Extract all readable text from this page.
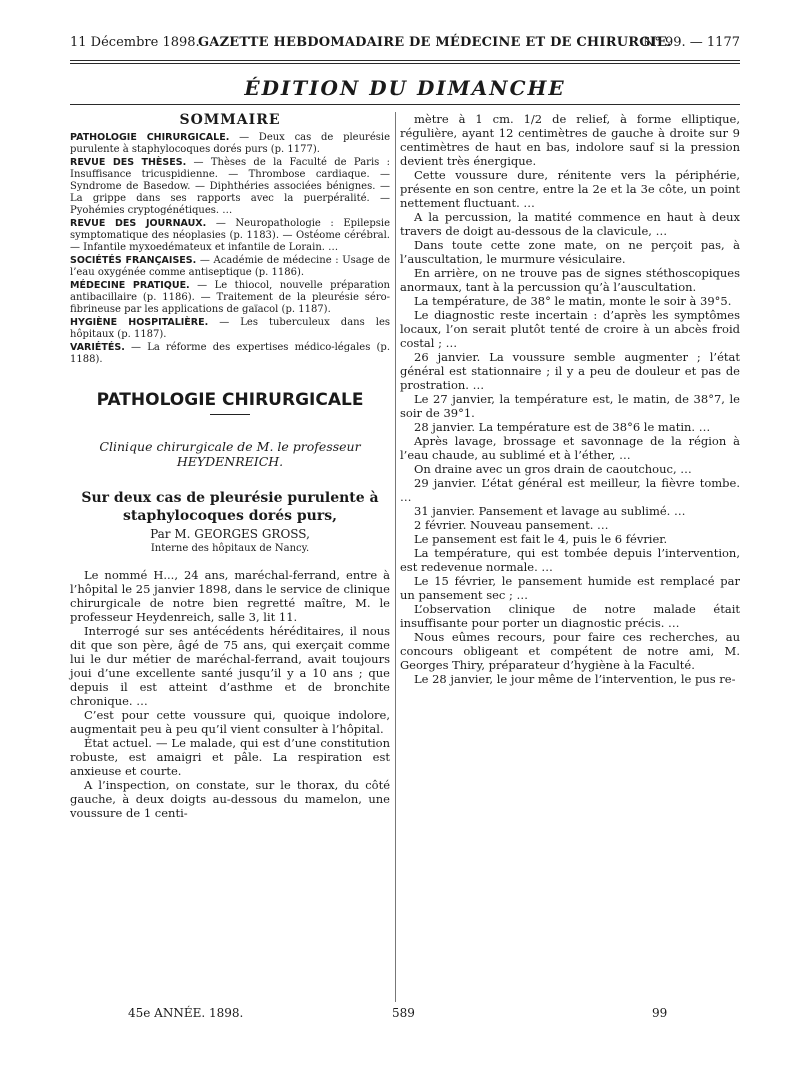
11 Décembre 1898.
GAZETTE HEBDOMADAIRE DE MÉDECINE ET DE CHIRURGIE.
N° 99. — 1177
ÉDITION DU DIMANCHE
SOMMAIRE

PATHOLOGIE CHIRURGICALE. — Deux cas de pleurésie purulente à staphylocoques dorés purs (p. 1177).

REVUE DES THÈSES. — Thèses de la Faculté de Paris : Insuffisance tricuspidienne. — Thrombose cardiaque. — Syndrome de Basedow. — Diphthéries associées bénignes. — La grippe dans ses rapports avec la puerpéralité. — Pyohémies cryptogénétiques. …

REVUE DES JOURNAUX. — Neuropathologie : Epilepsie symptomatique des néoplasies (p. 1183). — Ostéome cérébral. — Infantile myxoedémateux et infantile de Lorain. …

SOCIÉTÉS FRANÇAISES. — Académie de médecine : Usage de l’eau oxygénée comme antiseptique (p. 1186).

MÉDECINE PRATIQUE. — Le thiocol, nouvelle préparation antibacillaire (p. 1186). — Traitement de la pleurésie séro-fibrineuse par les applications de gaïacol (p. 1187).

HYGIÈNE HOSPITALIÈRE. — Les tuberculeux dans les hôpitaux (p. 1187).

VARIÉTÉS. — La réforme des expertises médico-légales (p. 1188).

PATHOLOGIE CHIRURGICALE
Clinique chirurgicale de M. le professeur HEYDENREICH.
Sur deux cas de pleurésie purulente à staphylocoques dorés purs,
Par M. GEORGES GROSS,
Interne des hôpitaux de Nancy.

Le nommé H..., 24 ans, maréchal-ferrand, entre à l’hôpital le 25 janvier 1898, dans le service de clinique chirurgicale de notre bien regretté maître, M. le professeur Heydenreich, salle 3, lit 11.

Interrogé sur ses antécédents héréditaires, il nous dit que son père, âgé de 75 ans, qui exerçait comme lui le dur métier de maréchal-ferrand, avait toujours joui d’une excellente santé jusqu’il y a 10 ans ; que depuis il est atteint d’asthme et de bronchite chronique. …

C’est pour cette voussure qui, quoique indolore, augmentait peu à peu qu’il vient consulter à l’hôpital.

État actuel. — Le malade, qui est d’une constitution robuste, est amaigri et pâle. La respiration est anxieuse et courte.

A l’inspection, on constate, sur le thorax, du côté gauche, à deux doigts au-dessous du mamelon, une voussure de 1 centi-

mètre à 1 cm. 1/2 de relief, à forme elliptique, régulière, ayant 12 centimètres de gauche à droite sur 9 centimètres de haut en bas, indolore sauf si la pression devient très énergique.

Cette voussure dure, rénitente vers la périphérie, présente en son centre, entre la 2e et la 3e côte, un point nettement fluctuant. …

A la percussion, la matité commence en haut à deux travers de doigt au-dessous de la clavicule, …

Dans toute cette zone mate, on ne perçoit pas, à l’auscultation, le murmure vésiculaire.

En arrière, on ne trouve pas de signes stéthoscopiques anormaux, tant à la percussion qu’à l’auscultation.

La température, de 38° le matin, monte le soir à 39°5.

Le diagnostic reste incertain : d’après les symptômes locaux, l’on serait plutôt tenté de croire à un abcès froid costal ; …

26 janvier. La voussure semble augmenter ; l’état général est stationnaire ; il y a peu de douleur et pas de prostration. …

Le 27 janvier, la température est, le matin, de 38°7, le soir de 39°1.

28 janvier. La température est de 38°6 le matin. …

Après lavage, brossage et savonnage de la région à l’eau chaude, au sublimé et à l’éther, …

On draine avec un gros drain de caoutchouc, …

29 janvier. L’état général est meilleur, la fièvre tombe. …

31 janvier. Pansement et lavage au sublimé. …

2 février. Nouveau pansement. …

Le pansement est fait le 4, puis le 6 février.

La température, qui est tombée depuis l’intervention, est redevenue normale. …

Le 15 février, le pansement humide est remplacé par un pansement sec ; …

L’observation clinique de notre malade était insuffisante pour porter un diagnostic précis. …

Nous eûmes recours, pour faire ces recherches, au concours obligeant et compétent de notre ami, M. Georges Thiry, préparateur d’hygiène à la Faculté.

Le 28 janvier, le jour même de l’intervention, le pus re-

45e ANNÉE. 1898.	589	99
